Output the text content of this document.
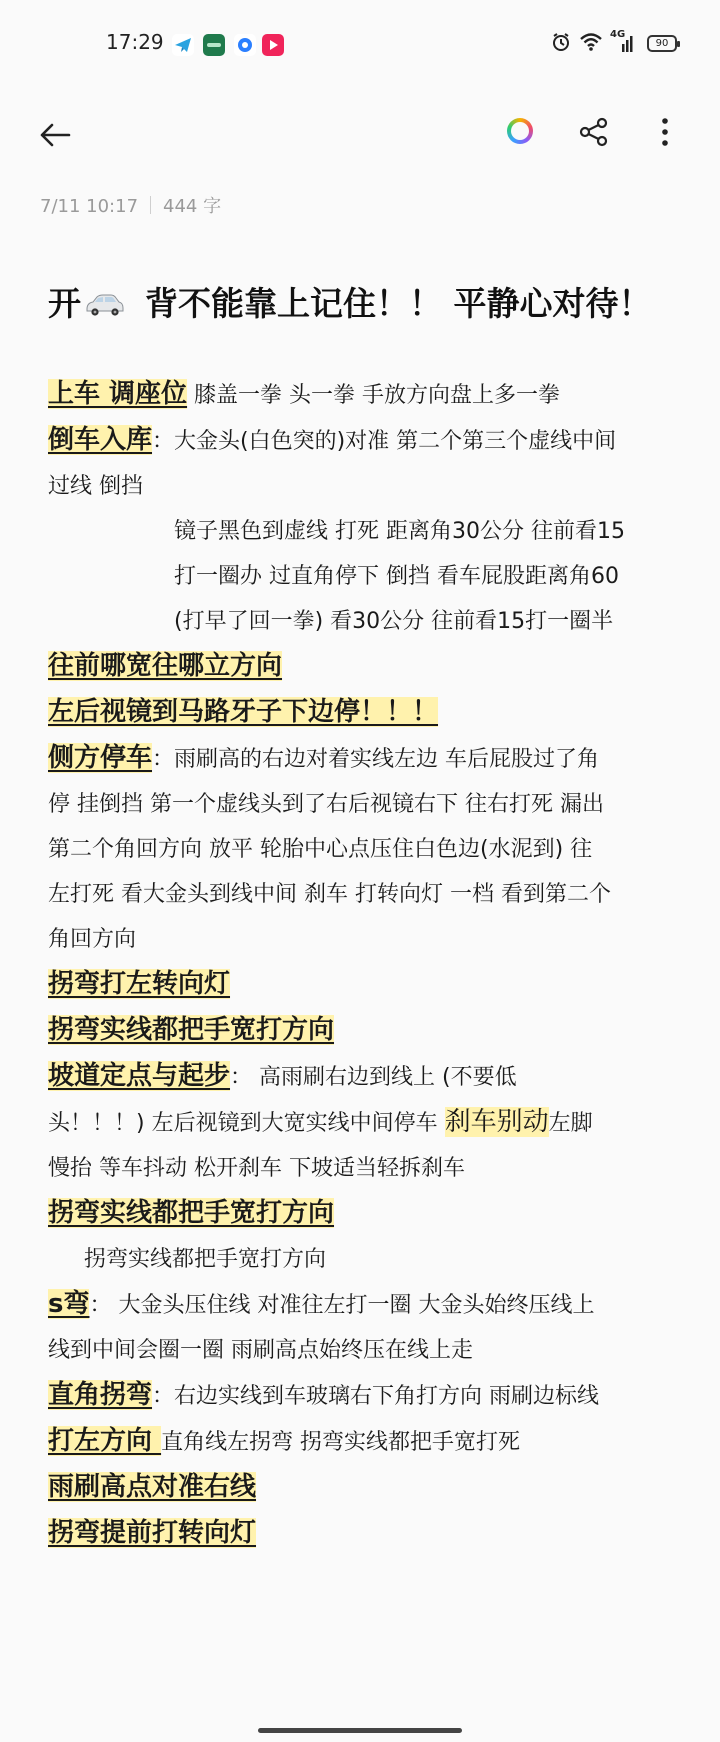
17:29	4G
90
7/11 10:17 444 字
开 背不能靠上记住！！ 平静心对待！
上车 调座位 膝盖一拳 头一拳 手放方向盘上多一拳
倒车入库：大金头(白色突的)对准 第二个第三个虚线中间
过线 倒挡
镜子黑色到虚线 打死 距离角30公分 往前看15
打一圈办 过直角停下 倒挡 看车屁股距离角60
(打早了回一拳) 看30公分 往前看15打一圈半
往前哪宽往哪立方向
左后视镜到马路牙子下边停！！！
侧方停车：雨刷高的右边对着实线左边 车后屁股过了角
停 挂倒挡 第一个虚线头到了右后视镜右下 往右打死 漏出
第二个角回方向 放平 轮胎中心点压住白色边(水泥到) 往
左打死 看大金头到线中间 刹车 打转向灯 一档 看到第二个
角回方向
拐弯打左转向灯
拐弯实线都把手宽打方向
坡道定点与起步： 高雨刷右边到线上 (不要低
头！！！) 左后视镜到大宽实线中间停车 刹车别动左脚
慢抬 等车抖动 松开刹车 下坡适当轻拆刹车
拐弯实线都把手宽打方向
拐弯实线都把手宽打方向
s弯： 大金头压住线 对准往左打一圈 大金头始终压线上
线到中间会圈一圈 雨刷高点始终压在线上走
直角拐弯：右边实线到车玻璃右下角打方向 雨刷边标线
打左方向 直角线左拐弯 拐弯实线都把手宽打死
雨刷高点对准右线
拐弯提前打转向灯
